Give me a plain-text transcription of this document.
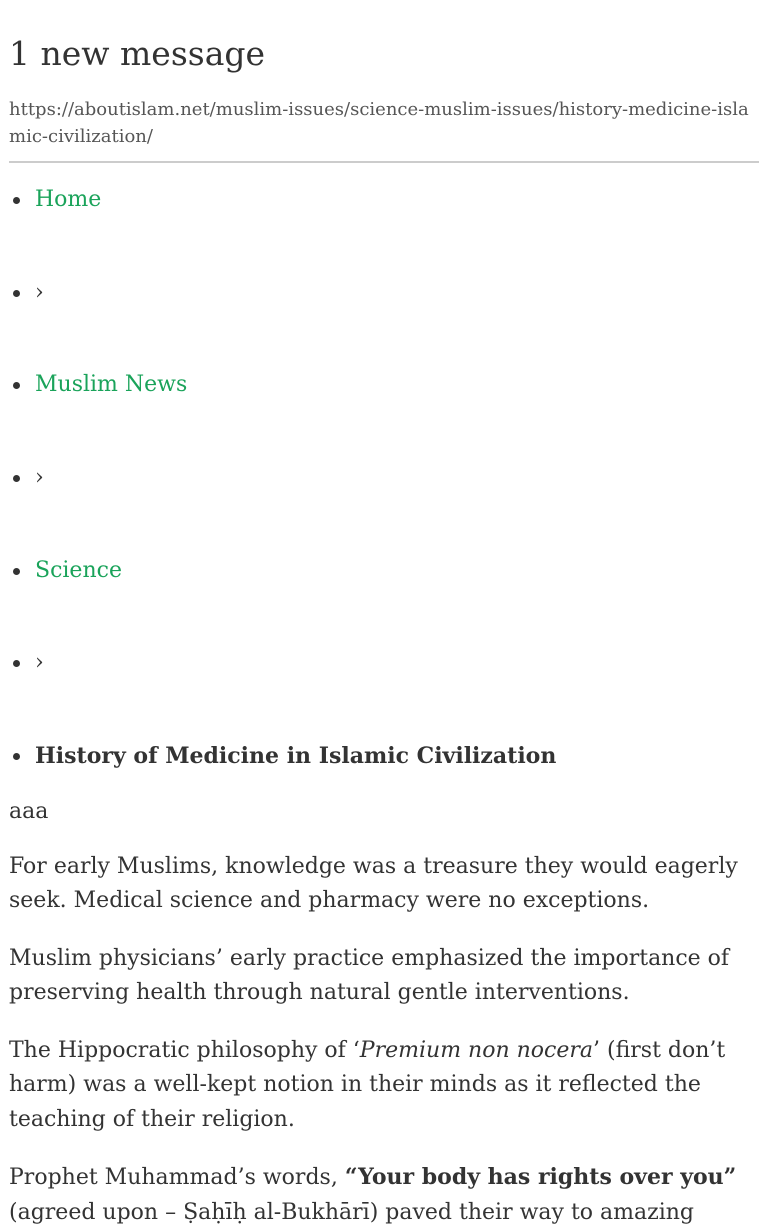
1 new message
https://aboutislam.net/muslim-issues/science-muslim-issues/history-medicine-islamic-civilization/
Home
›
Muslim News
›
Science
›
History of Medicine in Islamic Civilization

aaa

For early Muslims, knowledge was a treasure they would eagerly seek. Medical science and pharmacy were no exceptions.

Muslim physicians’ early practice emphasized the importance of preserving health through natural gentle interventions.

The Hippocratic philosophy of ‘Premium non nocera’ (first don’t harm) was a well-kept notion in their minds as it reflected the teaching of their religion.

Prophet Muhammad’s words, “Your body has rights over you” (agreed upon – Ṣaḥīḥ al-Bukhārī) paved their way to amazing
